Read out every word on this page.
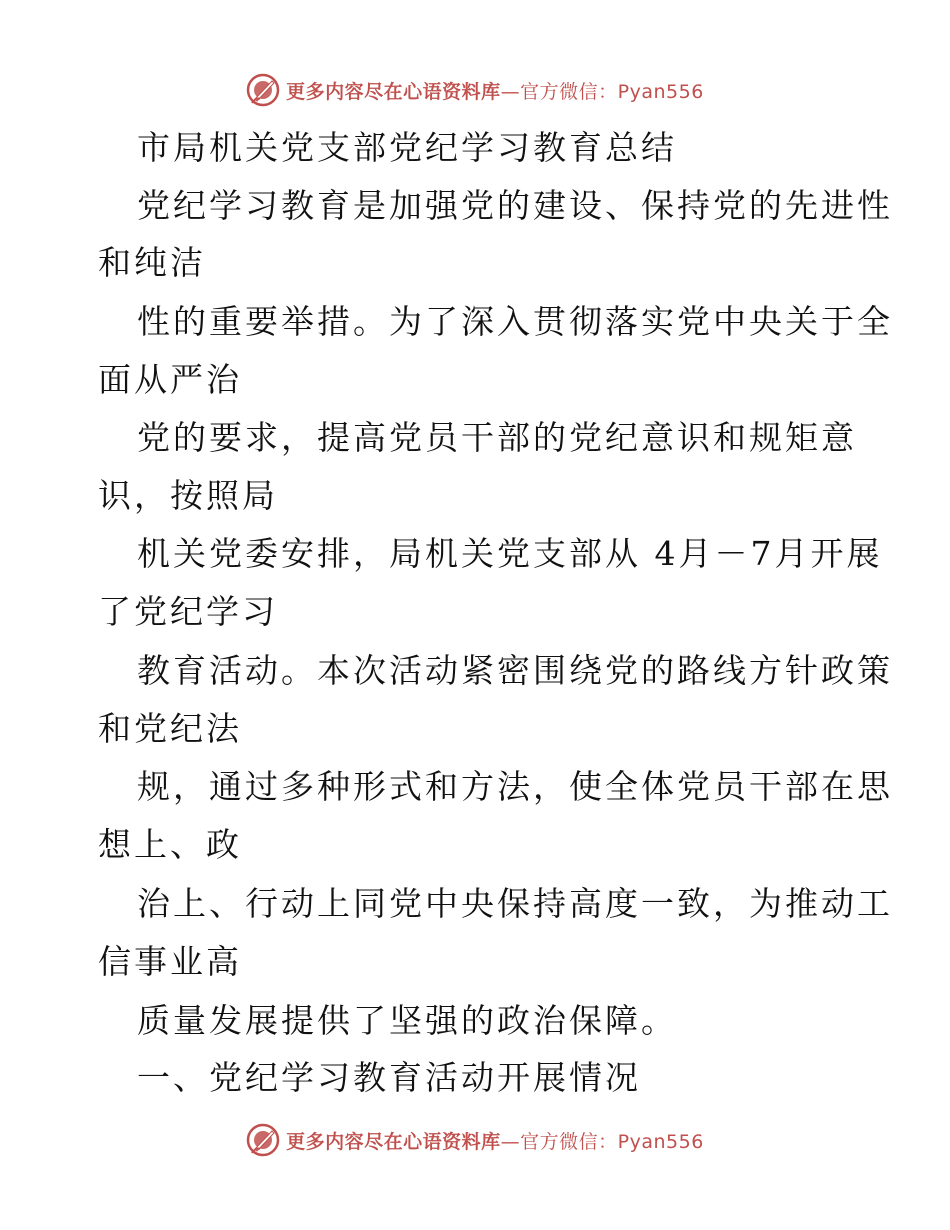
更多内容尽在心语资料库—官方微信：Pyan556
市局机关党支部党纪学习教育总结
党纪学习教育是加强党的建设、保持党的先进性
和纯洁
性的重要举措。为了深入贯彻落实党中央关于全
面从严治
党的要求，提高党员干部的党纪意识和规矩意
识，按照局
机关党委安排，局机关党支部从 4月－7月开展
了党纪学习
教育活动。本次活动紧密围绕党的路线方针政策
和党纪法
规，通过多种形式和方法，使全体党员干部在思
想上、政
治上、行动上同党中央保持高度一致，为推动工
信事业高
质量发展提供了坚强的政治保障。
一、党纪学习教育活动开展情况
更多内容尽在心语资料库—官方微信：Pyan556
